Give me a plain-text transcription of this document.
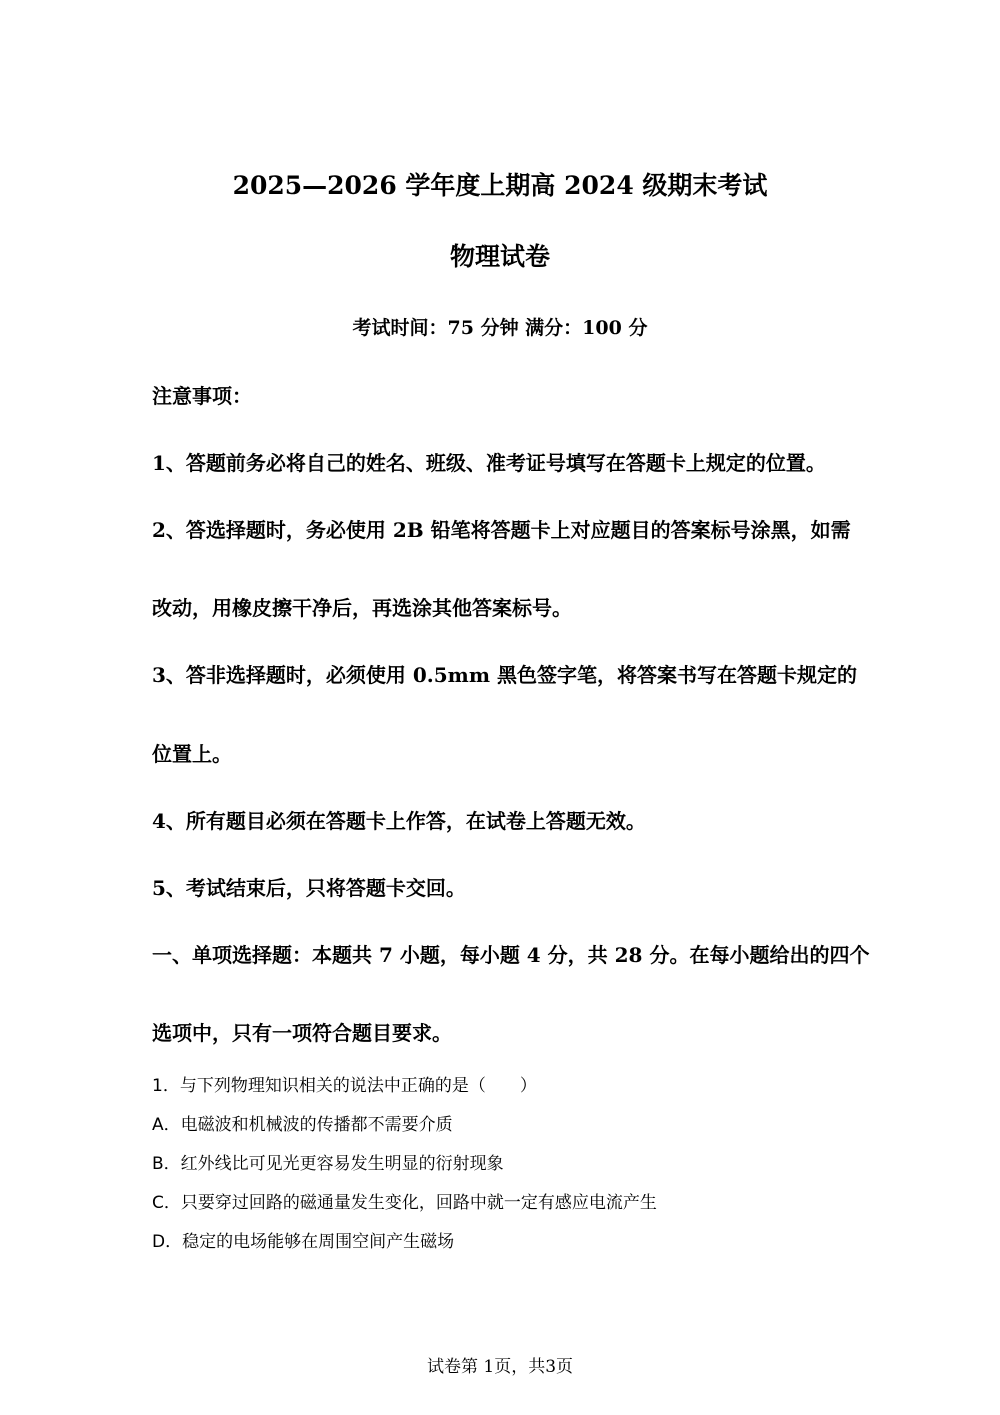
2025—2026 学年度上期高 2024 级期末考试
物理试卷
考试时间：75 分钟 满分：100 分
注意事项：
1、答题前务必将自己的姓名、班级、准考证号填写在答题卡上规定的位置。
2、答选择题时，务必使用 2B 铅笔将答题卡上对应题目的答案标号涂黑，如需
改动，用橡皮擦干净后，再选涂其他答案标号。
3、答非选择题时，必须使用 0.5mm 黑色签字笔，将答案书写在答题卡规定的
位置上。
4、所有题目必须在答题卡上作答，在试卷上答题无效。
5、考试结束后，只将答题卡交回。
一、单项选择题：本题共 7 小题，每小题 4 分，共 28 分。在每小题给出的四个
选项中，只有一项符合题目要求。
1．与下列物理知识相关的说法中正确的是（　　）
A．电磁波和机械波的传播都不需要介质
B．红外线比可见光更容易发生明显的衍射现象
C．只要穿过回路的磁通量发生变化，回路中就一定有感应电流产生
D．稳定的电场能够在周围空间产生磁场
试卷第 1页，共3页
